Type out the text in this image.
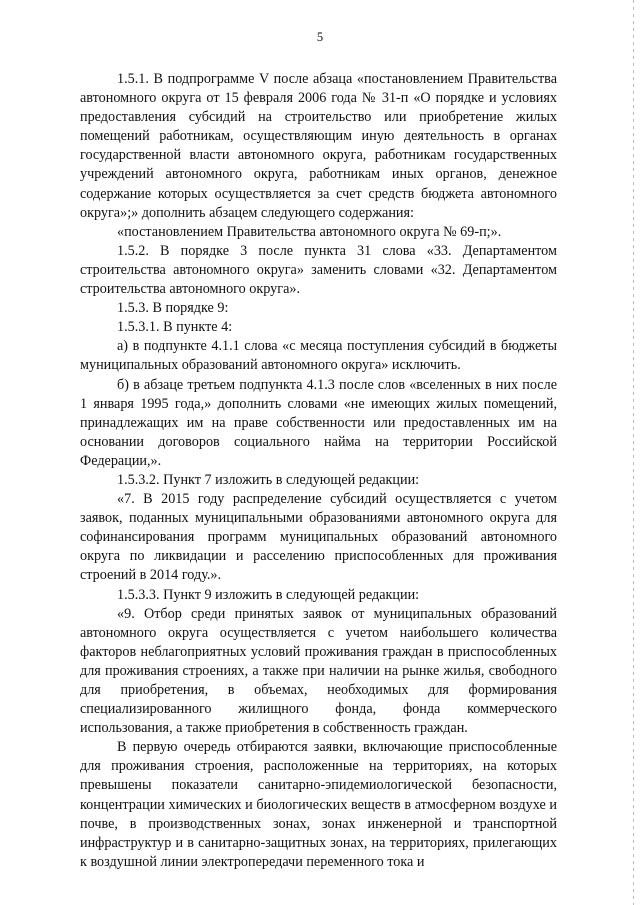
5

1.5.1. В подпрограмме V после абзаца «постановлением Правительства автономного округа от 15 февраля 2006 года № 31-п «О порядке и условиях предоставления субсидий на строительство или приобретение жилых помещений работникам, осуществляющим иную деятельность в органах государственной власти автономного округа, работникам государственных учреждений автономного округа, работникам иных органов, денежное содержание которых осуществляется за счет средств бюджета автономного округа»;» дополнить абзацем следующего содержания:

«постановлением Правительства автономного округа № 69-п;».

1.5.2. В порядке 3 после пункта 31 слова «33. Департаментом строительства автономного округа» заменить словами «32. Департаментом строительства автономного округа».

1.5.3. В порядке 9:

1.5.3.1. В пункте 4:

а) в подпункте 4.1.1 слова «с месяца поступления субсидий в бюджеты муниципальных образований автономного округа» исключить.

б) в абзаце третьем подпункта 4.1.3 после слов «вселенных в них после 1 января 1995 года,» дополнить словами «не имеющих жилых помещений, принадлежащих им на праве собственности или предоставленных им на основании договоров социального найма на территории Российской Федерации,».

1.5.3.2. Пункт 7 изложить в следующей редакции:

«7. В 2015 году распределение субсидий осуществляется с учетом заявок, поданных муниципальными образованиями автономного округа для софинансирования программ муниципальных образований автономного округа по ликвидации и расселению приспособленных для проживания строений в 2014 году.».

1.5.3.3. Пункт 9 изложить в следующей редакции:

«9. Отбор среди принятых заявок от муниципальных образований автономного округа осуществляется с учетом наибольшего количества факторов неблагоприятных условий проживания граждан в приспособленных для проживания строениях, а также при наличии на рынке жилья, свободного для приобретения, в объемах, необходимых для формирования специализированного жилищного фонда, фонда коммерческого использования, а также приобретения в собственность граждан.

В первую очередь отбираются заявки, включающие приспособленные для проживания строения, расположенные на территориях, на которых превышены показатели санитарно-эпидемиологической безопасности, концентрации химических и биологических веществ в атмосферном воздухе и почве, в производственных зонах, зонах инженерной и транспортной инфраструктур и в санитарно-защитных зонах, на территориях, прилегающих к воздушной линии электропередачи переменного тока и
